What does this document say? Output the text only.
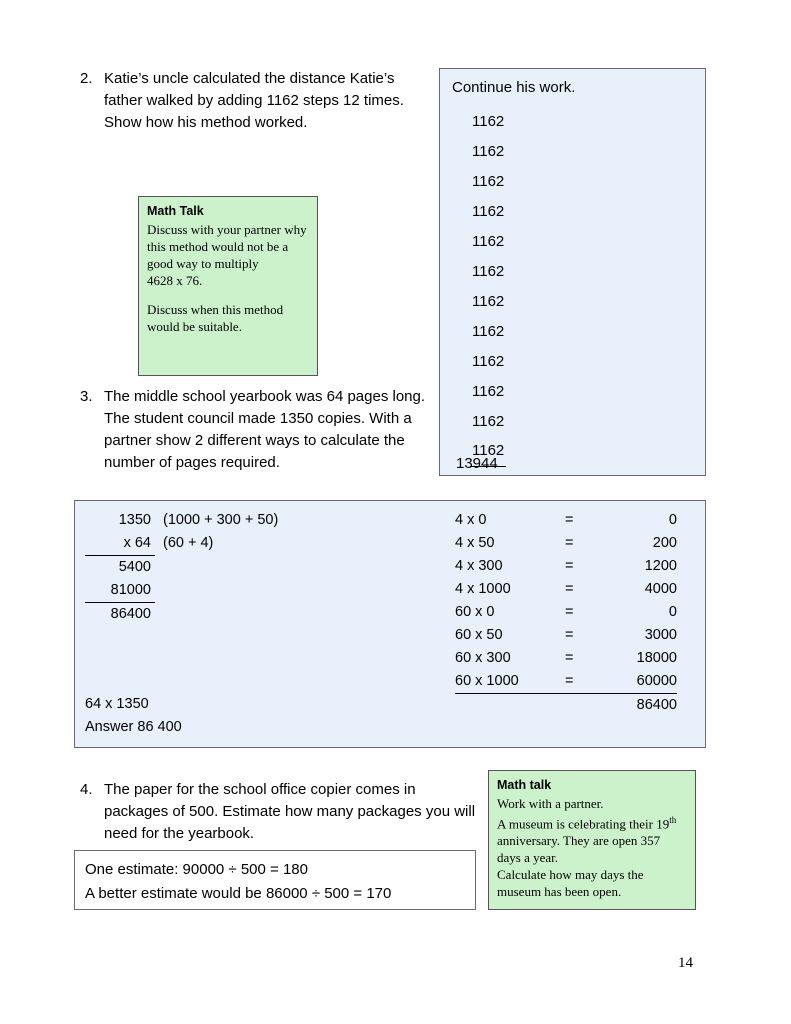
2. Katie’s uncle calculated the distance Katie’s father walked by adding 1162 steps 12 times. Show how his method worked.
Math Talk
Discuss with your partner why this method would not be a good way to multiply
4628 x 76.
Discuss when this method would be suitable.
Continue his work.
1162
1162
1162
1162
1162
1162
1162
1162
1162
1162
1162
1162
13944
3. The middle school yearbook was 64 pages long. The student council made 1350 copies. With a partner show 2 different ways to calculate the number of pages required.
1350 (1000 + 300 + 50)
x 64 (60 + 4)
5400
81000
86400
4 x 0	=	0
4 x 50	=	200
4 x 300	=	1200
4 x 1000	=	4000
60 x 0	=	0
60 x 50	=	3000
60 x 300	=	18000
60 x 1000	=	60000
86400
64 x 1350
Answer 86 400
4. The paper for the school office copier comes in packages of 500. Estimate how many packages you will need for the yearbook.
Math talk
Work with a partner.
A museum is celebrating their 19th anniversary. They are open 357 days a year.
Calculate how may days the museum has been open.
One estimate: 90000 ÷ 500 = 180
A better estimate would be 86000 ÷ 500 = 170
14
